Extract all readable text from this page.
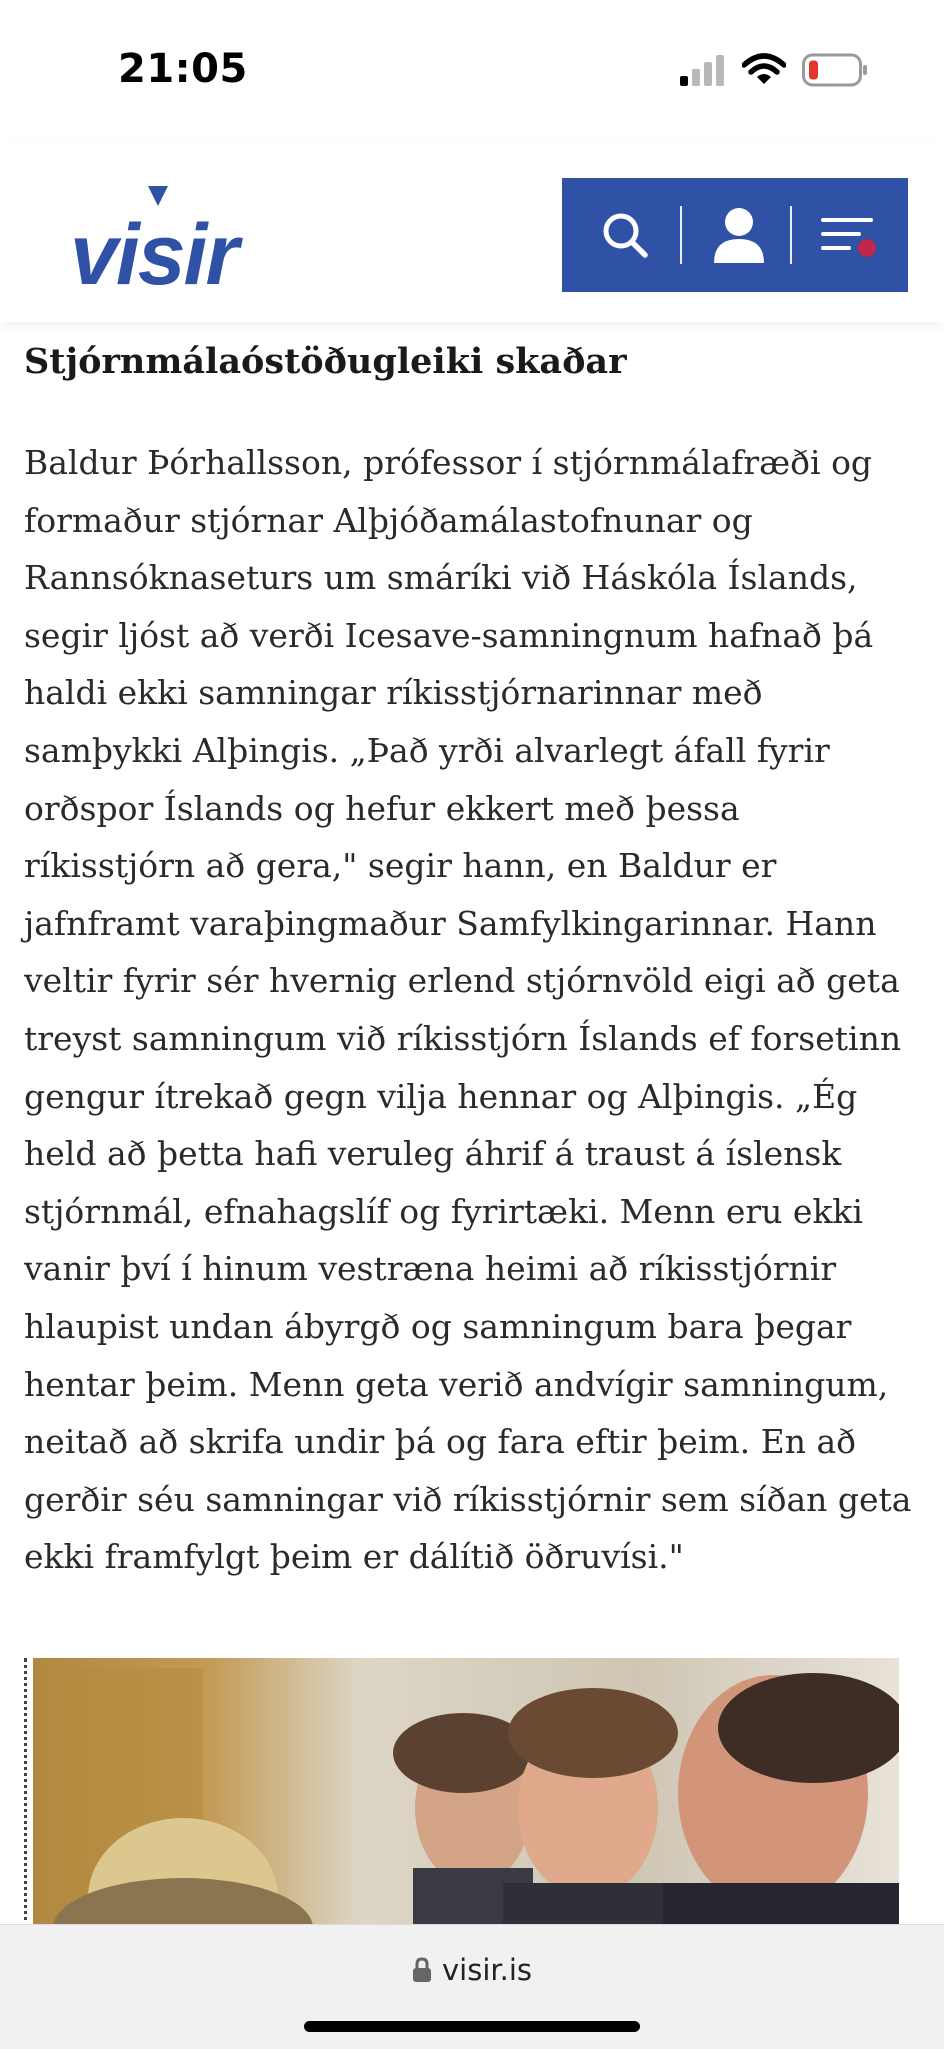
21:05
visir
Stjórnmálaóstöðugleiki skaðar

Baldur Þórhallsson, prófessor í stjórnmálafræði og formaður stjórnar Alþjóðamálastofnunar og Rannsóknaseturs um smáríki við Háskóla Íslands, segir ljóst að verði Icesave-samningnum hafnað þá haldi ekki samningar ríkisstjórnarinnar með samþykki Alþingis. „Það yrði alvarlegt áfall fyrir orðspor Íslands og hefur ekkert með þessa ríkisstjórn að gera," segir hann, en Baldur er jafnframt varaþingmaður Samfylkingarinnar. Hann veltir fyrir sér hvernig erlend stjórnvöld eigi að geta treyst samningum við ríkisstjórn Íslands ef forsetinn gengur ítrekað gegn vilja hennar og Alþingis. „Ég held að þetta hafi veruleg áhrif á traust á íslensk stjórnmál, efnahagslíf og fyrirtæki. Menn eru ekki vanir því í hinum vestræna heimi að ríkisstjórnir hlaupist undan ábyrgð og samningum bara þegar hentar þeim. Menn geta verið andvígir samningum, neitað að skrifa undir þá og fara eftir þeim. En að gerðir séu samningar við ríkisstjórnir sem síðan geta ekki framfylgt þeim er dálítið öðruvísi."

visir.is
